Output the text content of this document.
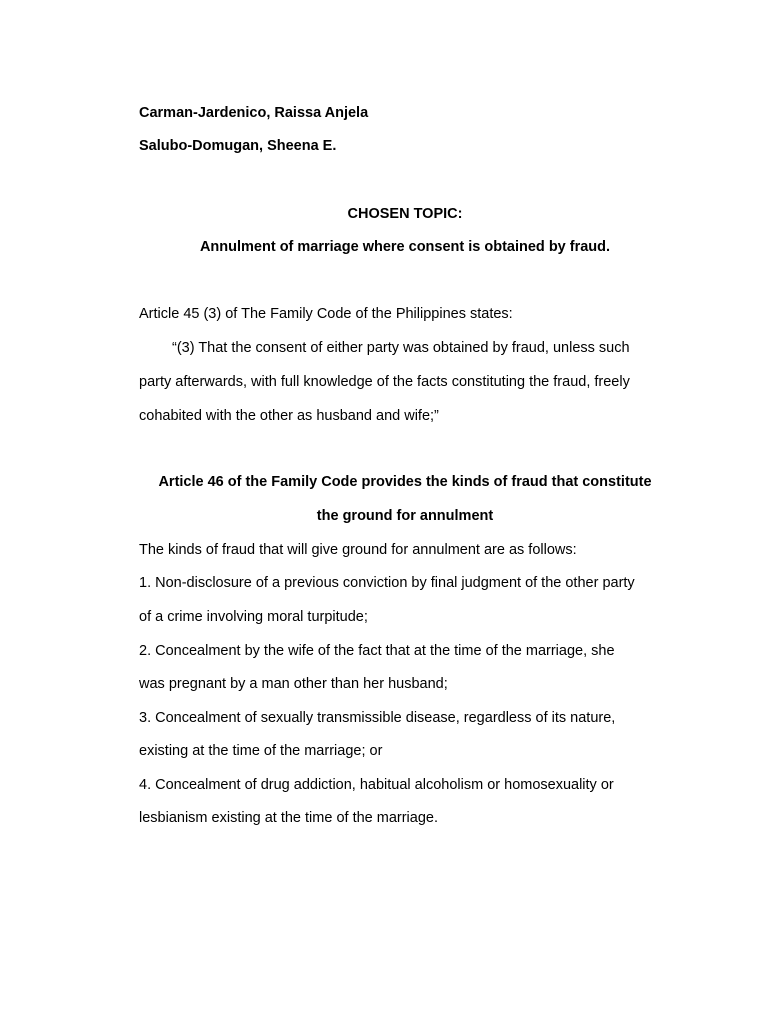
Carman-Jardenico, Raissa Anjela
Salubo-Domugan, Sheena E.
CHOSEN TOPIC:
Annulment of marriage where consent is obtained by fraud.
Article 45 (3) of The Family Code of the Philippines states:
“(3) That the consent of either party was obtained by fraud, unless such
party afterwards, with full knowledge of the facts constituting the fraud, freely
cohabited with the other as husband and wife;”
Article 46 of the Family Code provides the kinds of fraud that constitute
the ground for annulment
The kinds of fraud that will give ground for annulment are as follows:
1. Non-disclosure of a previous conviction by final judgment of the other party
of a crime involving moral turpitude;
2. Concealment by the wife of the fact that at the time of the marriage, she
was pregnant by a man other than her husband;
3. Concealment of sexually transmissible disease, regardless of its nature,
existing at the time of the marriage; or
4. Concealment of drug addiction, habitual alcoholism or homosexuality or
lesbianism existing at the time of the marriage.
